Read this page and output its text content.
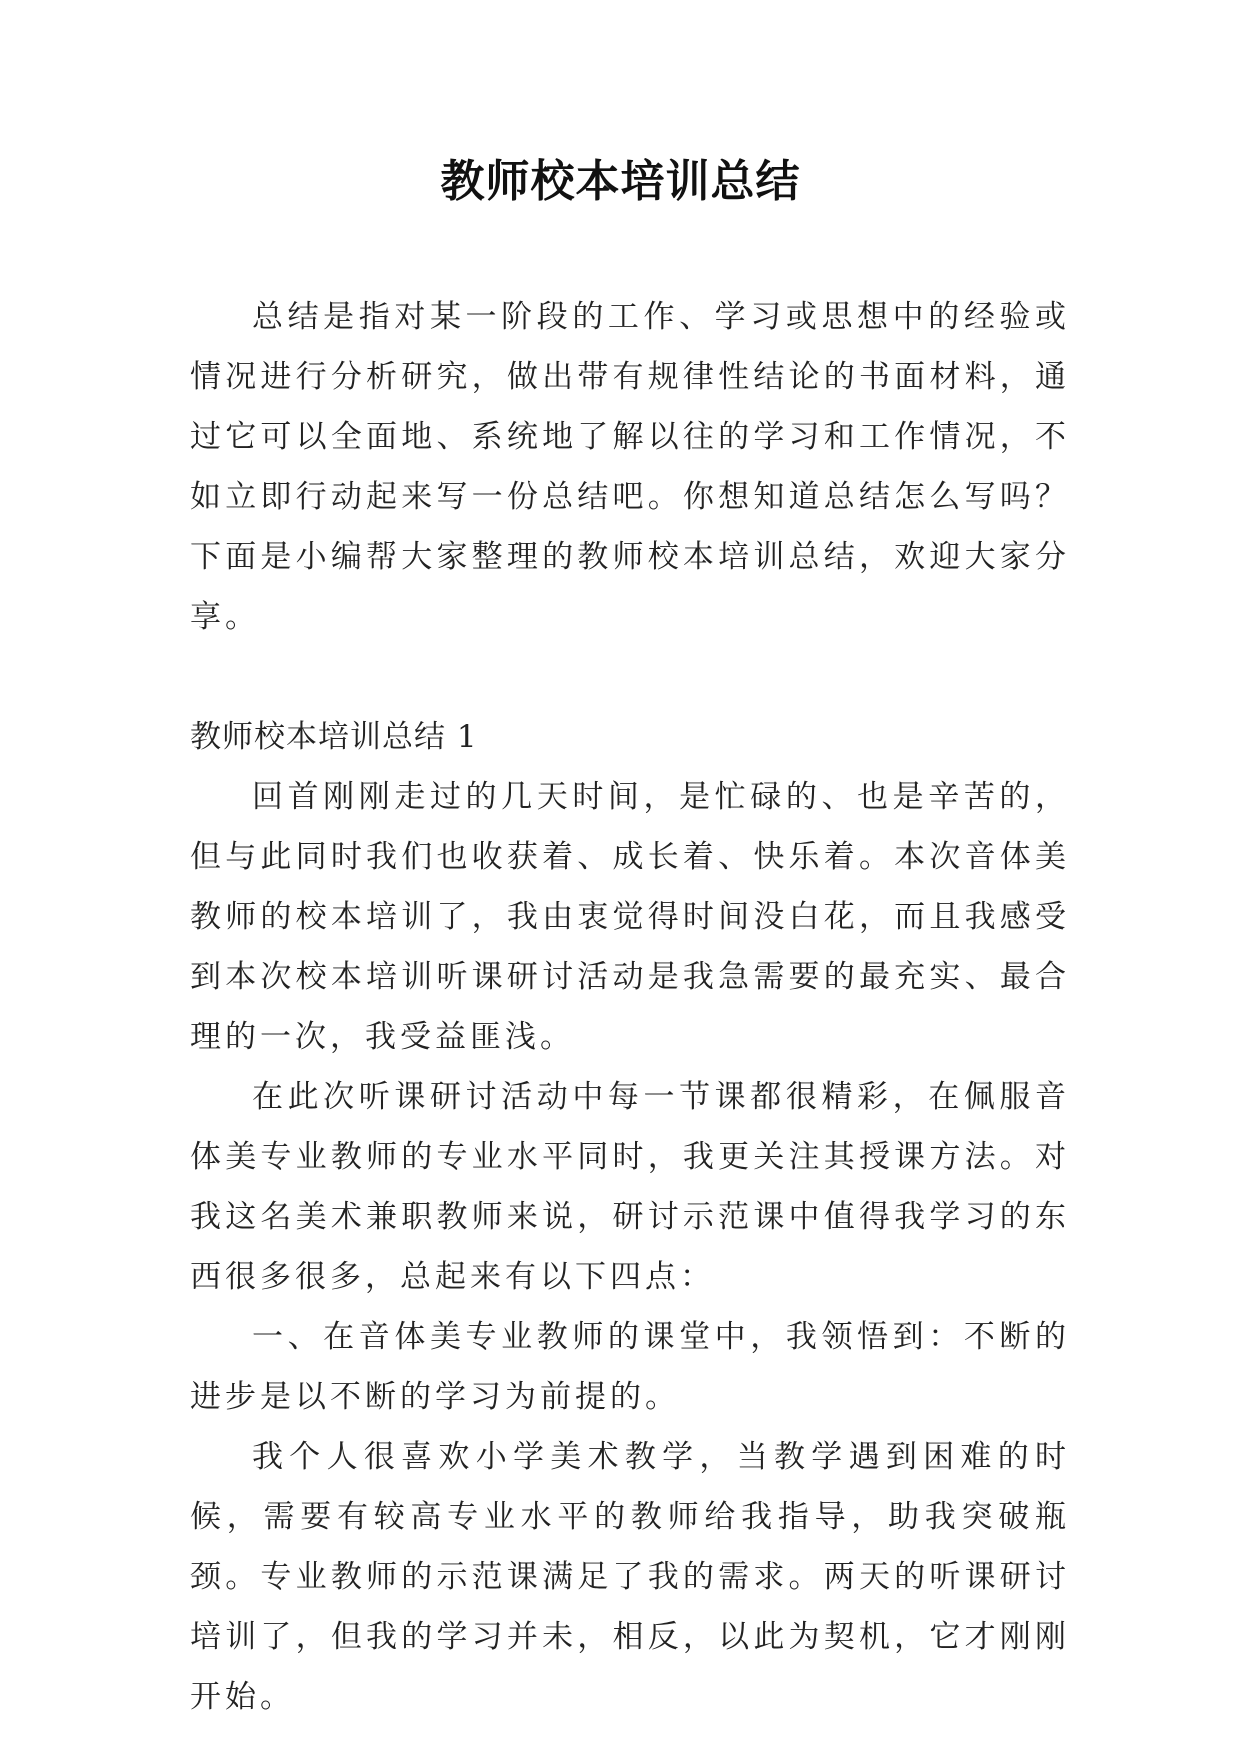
教师校本培训总结

总结是指对某一阶段的工作、学习或思想中的经验或情况进行分析研究，做出带有规律性结论的书面材料，通过它可以全面地、系统地了解以往的学习和工作情况，不如立即行动起来写一份总结吧。你想知道总结怎么写吗？下面是小编帮大家整理的教师校本培训总结，欢迎大家分享。

教师校本培训总结 1

回首刚刚走过的几天时间，是忙碌的、也是辛苦的，但与此同时我们也收获着、成长着、快乐着。本次音体美教师的校本培训了，我由衷觉得时间没白花，而且我感受到本次校本培训听课研讨活动是我急需要的最充实、最合理的一次，我受益匪浅。

在此次听课研讨活动中每一节课都很精彩，在佩服音体美专业教师的专业水平同时，我更关注其授课方法。对我这名美术兼职教师来说，研讨示范课中值得我学习的东西很多很多，总起来有以下四点：

一、在音体美专业教师的课堂中，我领悟到：不断的进步是以不断的学习为前提的。

我个人很喜欢小学美术教学，当教学遇到困难的时候，需要有较高专业水平的教师给我指导，助我突破瓶颈。专业教师的示范课满足了我的需求。两天的听课研讨培训了，但我的学习并未，相反，以此为契机，它才刚刚开始。
